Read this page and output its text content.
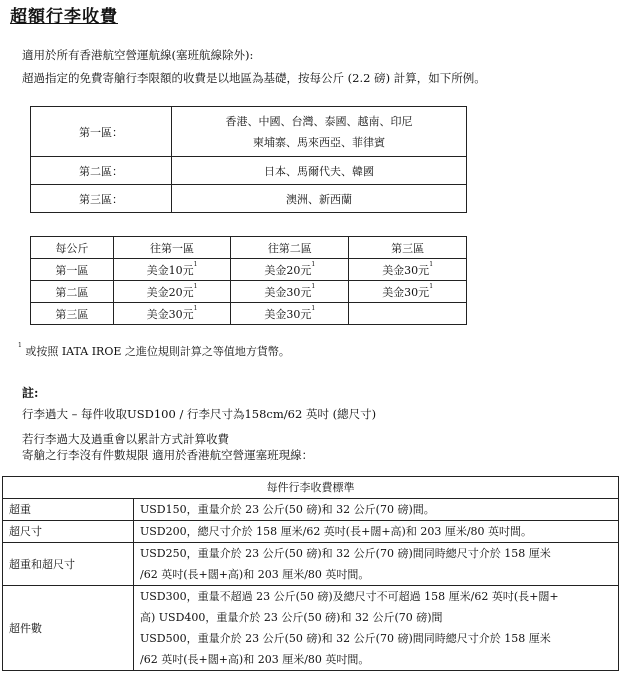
超額行李收費
適用於所有香港航空營運航線(塞班航線除外):
超過指定的免費寄艙行李限額的收費是以地區為基礎，按每公斤 (2.2 磅) 計算，如下所例。
第一區：	香港、中國、台灣、泰國、越南、印尼
柬埔寨、馬來西亞、菲律賓

第二區：	日本、馬爾代夫、韓國
第三區：	澳洲、新西蘭
每公斤	往第一區	往第二區	第三區
第一區	美金10元$^1$	美金20元$^1$	美金30元$^1$
第二區	美金20元$^1$	美金30元$^1$	美金30元$^1$
第三區	美金30元$^1$	美金30元$^1$	
$^1$ 或按照 IATA IROE 之進位規則計算之等值地方貨幣。
註:
行李過大 – 每件收取USD100 / 行李尺寸為158cm/62 英吋 (總尺寸)
若行李過大及過重會以累計方式計算收費
寄艙之行李沒有件數規限 適用於香港航空營運塞班現線：
每件行李收費標準	
超重	USD150，重量介於 23 公斤(50 磅)和 32 公斤(70 磅)間。

超尺寸	USD200，總尺寸介於 158 厘米/62 英吋(長+闊+高)和 203 厘米/80 英吋間。

超重和超尺寸	USD250，重量介於 23 公斤(50 磅)和 32 公斤(70 磅)間同時總尺寸介於 158 厘米
/62 英吋(長+闊+高)和 203 厘米/80 英吋間。

超件數	USD300，重量不超過 23 公斤(50 磅)及總尺寸不可超過 158 厘米/62 英吋(長+闊+
高) USD400，重量介於 23 公斤(50 磅)和 32 公斤(70 磅)間
USD500，重量介於 23 公斤(50 磅)和 32 公斤(70 磅)間同時總尺寸介於 158 厘米
/62 英吋(長+闊+高)和 203 厘米/80 英吋間。
